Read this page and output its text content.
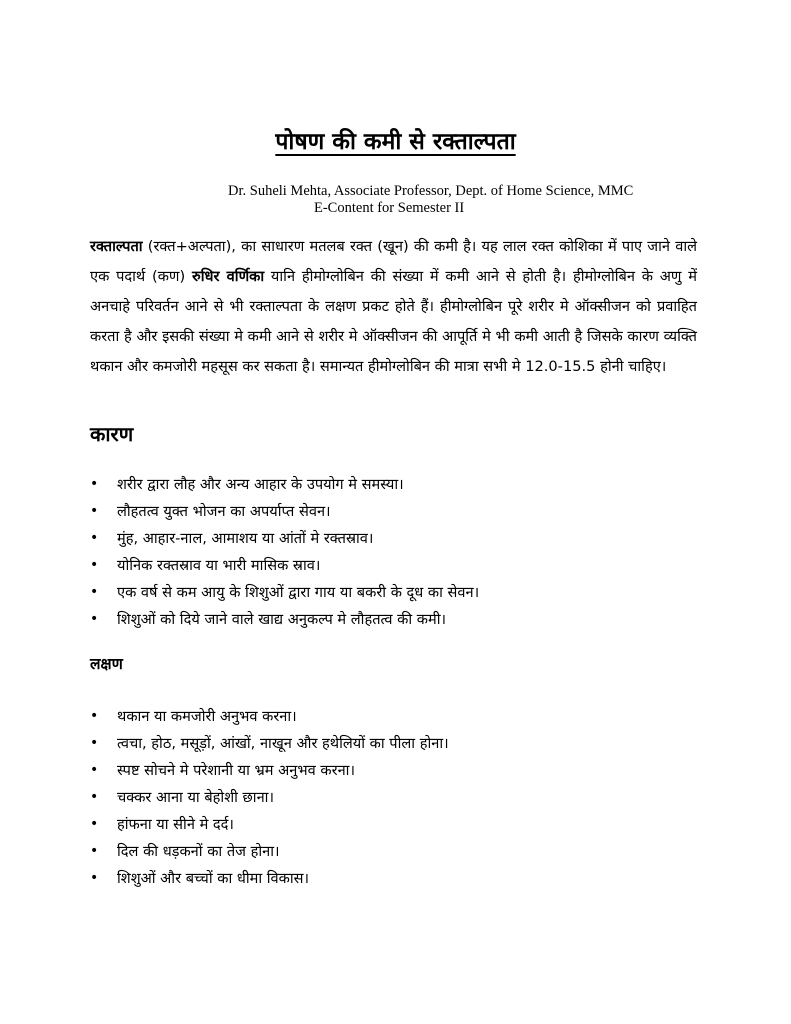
पोषण की कमी से रक्ताल्पता
Dr. Suheli Mehta, Associate Professor, Dept. of Home Science, MMC
E-Content for Semester II
रक्ताल्पता (रक्त+अल्पता), का साधारण मतलब रक्त (खून) की कमी है। यह लाल रक्त कोशिका में पाए जाने वाले एक पदार्थ (कण) रुधिर वर्णिका यानि हीमोग्लोबिन की संख्या में कमी आने से होती है। हीमोग्लोबिन के अणु में अनचाहे परिवर्तन आने से भी रक्ताल्पता के लक्षण प्रकट होते हैं। हीमोग्लोबिन पूरे शरीर मे ऑक्सीजन को प्रवाहित करता है और इसकी संख्या मे कमी आने से शरीर मे ऑक्सीजन की आपूर्ति मे भी कमी आती है जिसके कारण व्यक्ति थकान और कमजोरी महसूस कर सकता है। समान्यत हीमोग्लोबिन की मात्रा सभी मे 12.0-15.5 होनी चाहिए।
कारण
• शरीर द्वारा लौह और अन्य आहार के उपयोग मे समस्या।
• लौहतत्व युक्त भोजन का अपर्याप्त सेवन।
• मुंह, आहार-नाल, आमाशय या आंतों मे रक्तस्राव।
• योनिक रक्तस्राव या भारी मासिक स्राव।
• एक वर्ष से कम आयु के शिशुओं द्वारा गाय या बकरी के दूध का सेवन।
• शिशुओं को दिये जाने वाले खाद्य अनुकल्प मे लौहतत्व की कमी।
लक्षण
• थकान या कमजोरी अनुभव करना।
• त्वचा, होठ, मसूड़ों, आंखों, नाखून और हथेलियों का पीला होना।
• स्पष्ट सोचने मे परेशानी या भ्रम अनुभव करना।
• चक्कर आना या बेहोशी छाना।
• हांफना या सीने मे दर्द।
• दिल की धड़कनों का तेज होना।
• शिशुओं और बच्चों का धीमा विकास।
